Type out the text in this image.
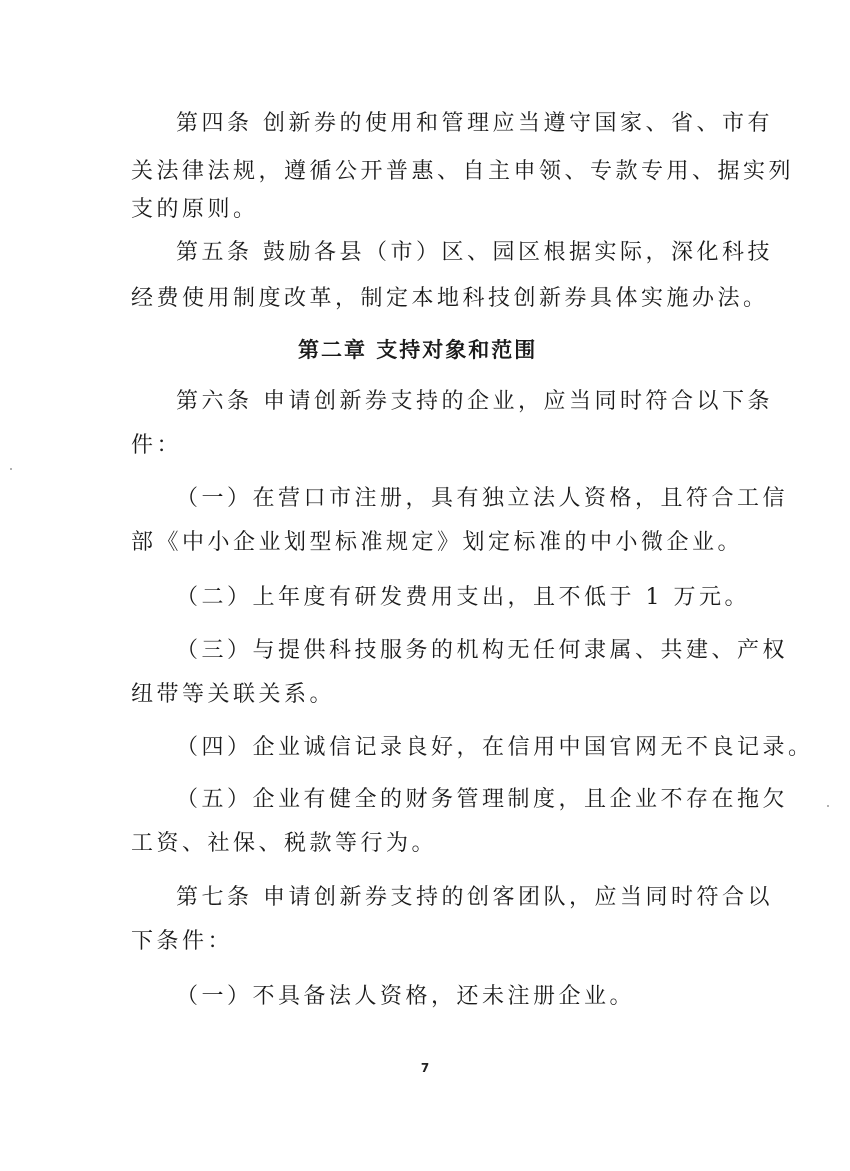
第四条 创新券的使用和管理应当遵守国家、省、市有
关法律法规，遵循公开普惠、自主申领、专款专用、据实列
支的原则。
第五条 鼓励各县（市）区、园区根据实际，深化科技
经费使用制度改革，制定本地科技创新券具体实施办法。
第二章 支持对象和范围
第六条 申请创新券支持的企业，应当同时符合以下条
件：
（一）在营口市注册，具有独立法人资格，且符合工信
部《中小企业划型标准规定》划定标准的中小微企业。
（二）上年度有研发费用支出，且不低于 1 万元。
（三）与提供科技服务的机构无任何隶属、共建、产权
纽带等关联关系。
（四）企业诚信记录良好，在信用中国官网无不良记录。
（五）企业有健全的财务管理制度，且企业不存在拖欠
工资、社保、税款等行为。
第七条 申请创新券支持的创客团队，应当同时符合以
下条件：
（一）不具备法人资格，还未注册企业。
7
